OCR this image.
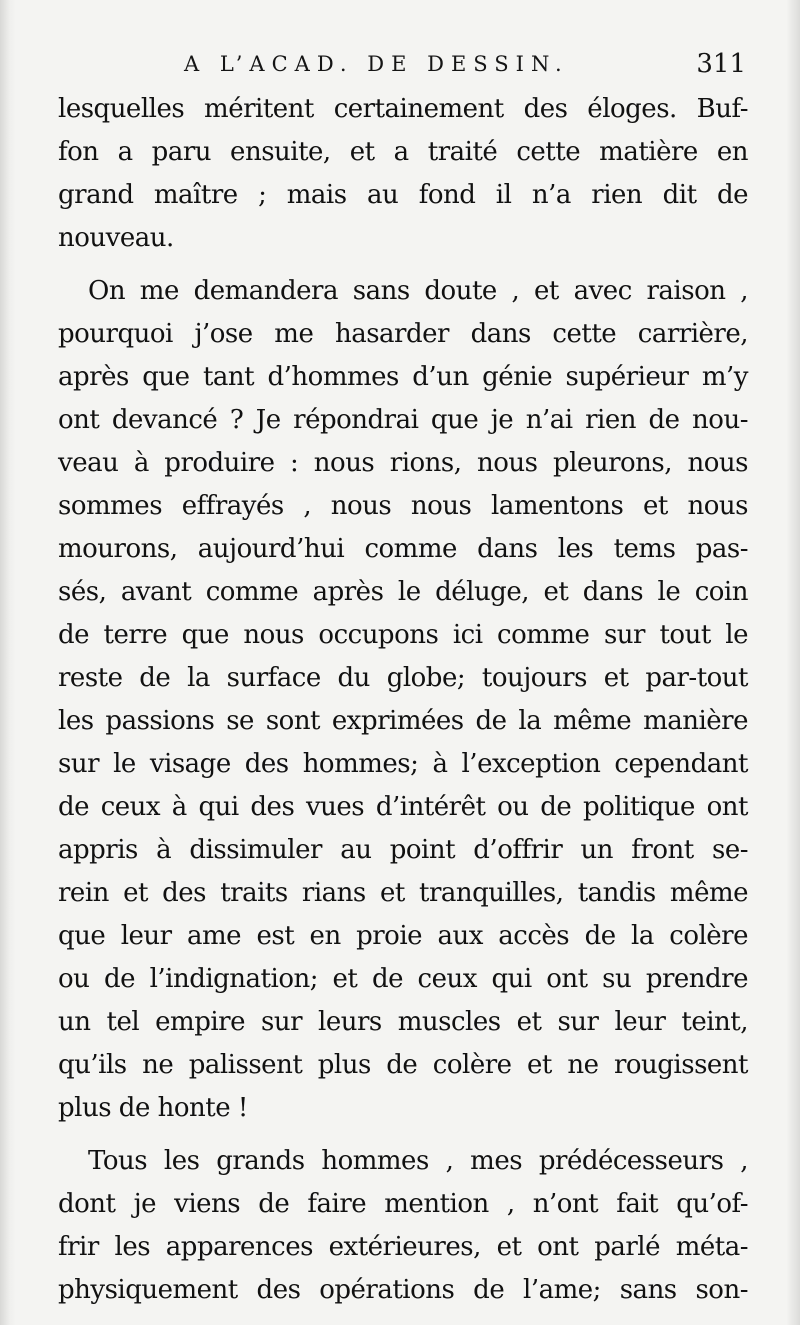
A L’ACAD. DE DESSIN.	311
lesquelles méritent certainement des éloges. Buf-
fon a paru ensuite, et a traité cette matière en
grand maître ; mais au fond il n’a rien dit de
nouveau.
On me demandera sans doute , et avec raison ,
pourquoi j’ose me hasarder dans cette carrière,
après que tant d’hommes d’un génie supérieur m’y
ont devancé ? Je répondrai que je n’ai rien de nou-
veau à produire : nous rions, nous pleurons, nous
sommes effrayés , nous nous lamentons et nous
mourons, aujourd’hui comme dans les tems pas-
sés, avant comme après le déluge, et dans le coin
de terre que nous occupons ici comme sur tout le
reste de la surface du globe; toujours et par-tout
les passions se sont exprimées de la même manière
sur le visage des hommes; à l’exception cependant
de ceux à qui des vues d’intérêt ou de politique ont
appris à dissimuler au point d’offrir un front se-
rein et des traits rians et tranquilles, tandis même
que leur ame est en proie aux accès de la colère
ou de l’indignation; et de ceux qui ont su prendre
un tel empire sur leurs muscles et sur leur teint,
qu’ils ne palissent plus de colère et ne rougissent
plus de honte !
Tous les grands hommes , mes prédécesseurs ,
dont je viens de faire mention , n’ont fait qu’of-
frir les apparences extérieures, et ont parlé méta-
physiquement des opérations de l’ame; sans son-
